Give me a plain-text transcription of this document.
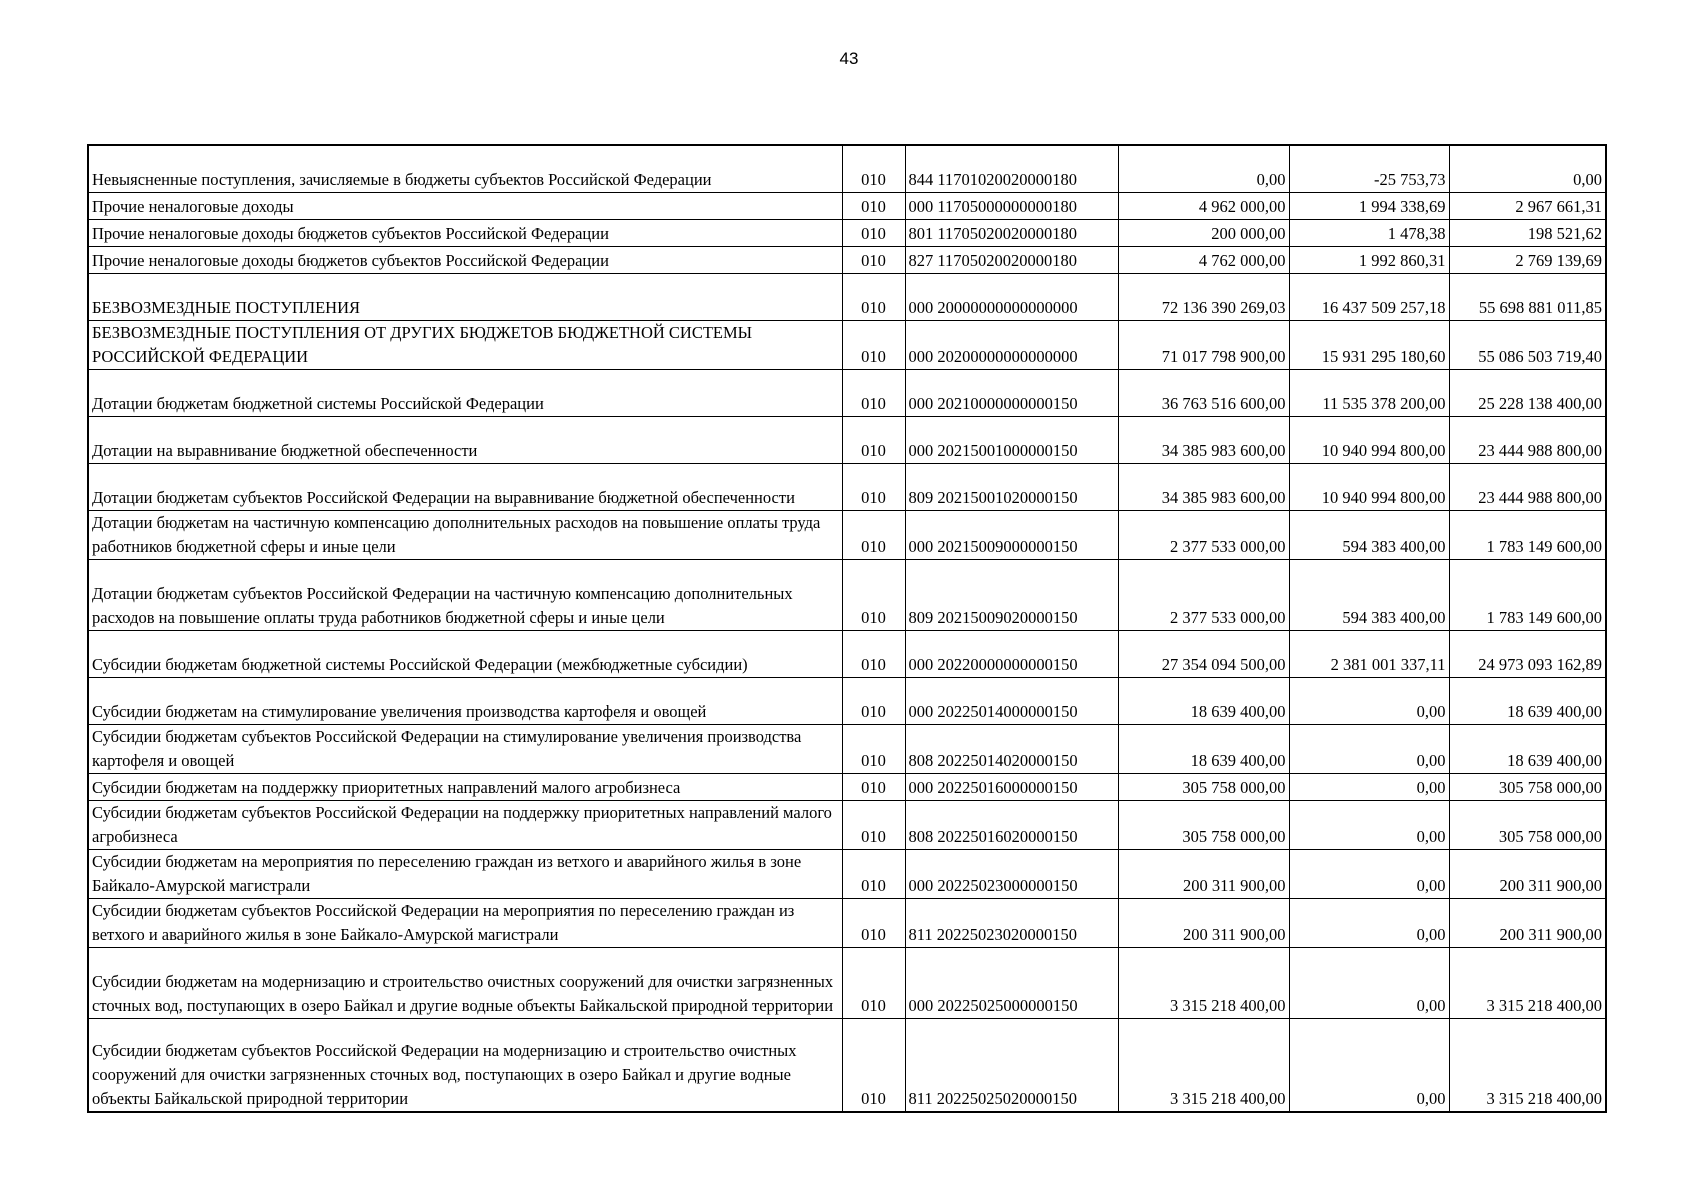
43
Невыясненные поступления, зачисляемые в бюджеты субъектов Российской Федерации	010	844 11701020020000180	0,00	-25 753,73	0,00
Прочие неналоговые доходы	010	000 11705000000000180	4 962 000,00	1 994 338,69	2 967 661,31
Прочие неналоговые доходы бюджетов субъектов Российской Федерации	010	801 11705020020000180	200 000,00	1 478,38	198 521,62
Прочие неналоговые доходы бюджетов субъектов Российской Федерации	010	827 11705020020000180	4 762 000,00	1 992 860,31	2 769 139,69
БЕЗВОЗМЕЗДНЫЕ ПОСТУПЛЕНИЯ	010	000 20000000000000000	72 136 390 269,03	16 437 509 257,18	55 698 881 011,85
БЕЗВОЗМЕЗДНЫЕ ПОСТУПЛЕНИЯ ОТ ДРУГИХ БЮДЖЕТОВ БЮДЖЕТНОЙ СИСТЕМЫ РОССИЙСКОЙ ФЕДЕРАЦИИ	010	000 20200000000000000	71 017 798 900,00	15 931 295 180,60	55 086 503 719,40
Дотации бюджетам бюджетной системы Российской Федерации	010	000 20210000000000150	36 763 516 600,00	11 535 378 200,00	25 228 138 400,00
Дотации на выравнивание бюджетной обеспеченности	010	000 20215001000000150	34 385 983 600,00	10 940 994 800,00	23 444 988 800,00
Дотации бюджетам субъектов Российской Федерации на выравнивание бюджетной обеспеченности	010	809 20215001020000150	34 385 983 600,00	10 940 994 800,00	23 444 988 800,00
Дотации бюджетам на частичную компенсацию дополнительных расходов на повышение оплаты труда работников бюджетной сферы и иные цели	010	000 20215009000000150	2 377 533 000,00	594 383 400,00	1 783 149 600,00
Дотации бюджетам субъектов Российской Федерации на частичную компенсацию дополнительных расходов на повышение оплаты труда работников бюджетной сферы и иные цели	010	809 20215009020000150	2 377 533 000,00	594 383 400,00	1 783 149 600,00
Субсидии бюджетам бюджетной системы Российской Федерации (межбюджетные субсидии)	010	000 20220000000000150	27 354 094 500,00	2 381 001 337,11	24 973 093 162,89
Субсидии бюджетам на стимулирование увеличения производства картофеля и овощей	010	000 20225014000000150	18 639 400,00	0,00	18 639 400,00
Субсидии бюджетам субъектов Российской Федерации на стимулирование увеличения производства картофеля и овощей	010	808 20225014020000150	18 639 400,00	0,00	18 639 400,00
Субсидии бюджетам на поддержку приоритетных направлений малого агробизнеса	010	000 20225016000000150	305 758 000,00	0,00	305 758 000,00
Субсидии бюджетам субъектов Российской Федерации на поддержку приоритетных направлений малого агробизнеса	010	808 20225016020000150	305 758 000,00	0,00	305 758 000,00
Субсидии бюджетам на мероприятия по переселению граждан из ветхого и аварийного жилья в зоне Байкало-Амурской магистрали	010	000 20225023000000150	200 311 900,00	0,00	200 311 900,00
Субсидии бюджетам субъектов Российской Федерации на мероприятия по переселению граждан из ветхого и аварийного жилья в зоне Байкало-Амурской магистрали	010	811 20225023020000150	200 311 900,00	0,00	200 311 900,00
Субсидии бюджетам на модернизацию и строительство очистных сооружений для очистки загрязненных сточных вод, поступающих в озеро Байкал и другие водные объекты Байкальской природной территории	010	000 20225025000000150	3 315 218 400,00	0,00	3 315 218 400,00
Субсидии бюджетам субъектов Российской Федерации на модернизацию и строительство очистных сооружений для очистки загрязненных сточных вод, поступающих в озеро Байкал и другие водные объекты Байкальской природной территории	010	811 20225025020000150	3 315 218 400,00	0,00	3 315 218 400,00
